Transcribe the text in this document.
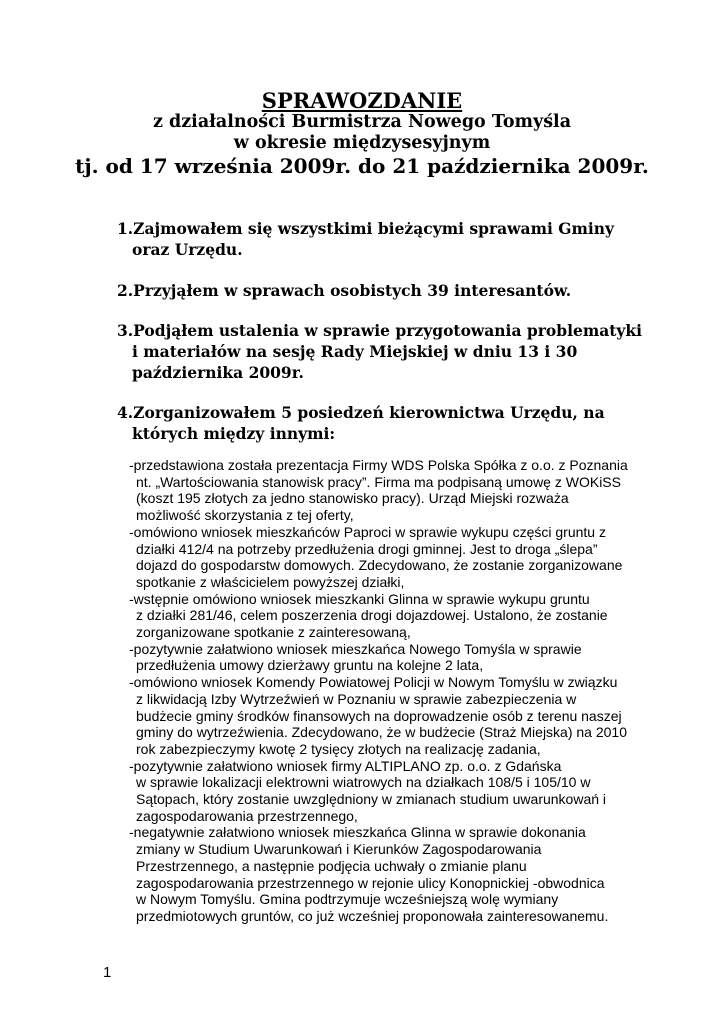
SPRAWOZDANIE
z działalności Burmistrza Nowego Tomyśla
w okresie międzysesyjnym
tj. od 17 września 2009r. do 21 października 2009r.
1.Zajmowałem się wszystkimi bieżącymi sprawami Gminy
oraz Urzędu.
2.Przyjąłem w sprawach osobistych 39 interesantów.
3.Podjąłem ustalenia w sprawie przygotowania problematyki
i materiałów na sesję Rady Miejskiej w dniu 13 i 30
października 2009r.
4.Zorganizowałem 5 posiedzeń kierownictwa Urzędu, na
których między innymi:
-przedstawiona została prezentacja Firmy WDS Polska Spółka z o.o. z Poznania
nt. „Wartościowania stanowisk pracy”. Firma ma podpisaną umowę z WOKiSS
(koszt 195 złotych za jedno stanowisko pracy). Urząd Miejski rozważa
możliwość skorzystania z tej oferty,
-omówiono wniosek mieszkańców Paproci w sprawie wykupu części gruntu z
działki 412/4 na potrzeby przedłużenia drogi gminnej. Jest to droga „ślepa”
dojazd do gospodarstw domowych. Zdecydowano, że zostanie zorganizowane
spotkanie z właścicielem powyższej działki,
-wstępnie omówiono wniosek mieszkanki Glinna w sprawie wykupu gruntu
z działki 281/46, celem poszerzenia drogi dojazdowej. Ustalono, że zostanie
zorganizowane spotkanie z zainteresowaną,
-pozytywnie załatwiono wniosek mieszkańca Nowego Tomyśla w sprawie
przedłużenia umowy dzierżawy gruntu na kolejne 2 lata,
-omówiono wniosek Komendy Powiatowej Policji w Nowym Tomyślu w związku
z likwidacją Izby Wytrzeźwień w Poznaniu w sprawie zabezpieczenia w
budżecie gminy środków finansowych na doprowadzenie osób z terenu naszej
gminy do wytrzeźwienia. Zdecydowano, że w budżecie (Straż Miejska) na 2010
rok zabezpieczymy kwotę 2 tysięcy złotych na realizację zadania,
-pozytywnie załatwiono wniosek firmy ALTIPLANO zp. o.o. z Gdańska
w sprawie lokalizacji elektrowni wiatrowych na działkach 108/5 i 105/10 w
Sątopach, który zostanie uwzględniony w zmianach studium uwarunkowań i
zagospodarowania przestrzennego,
-negatywnie załatwiono wniosek mieszkańca Glinna w sprawie dokonania
zmiany w Studium Uwarunkowań i Kierunków Zagospodarowania
Przestrzennego, a następnie podjęcia uchwały o zmianie planu
zagospodarowania przestrzennego w rejonie ulicy Konopnickiej -obwodnica
w Nowym Tomyślu. Gmina podtrzymuje wcześniejszą wolę wymiany
przedmiotowych gruntów, co już wcześniej proponowała zainteresowanemu.
1
